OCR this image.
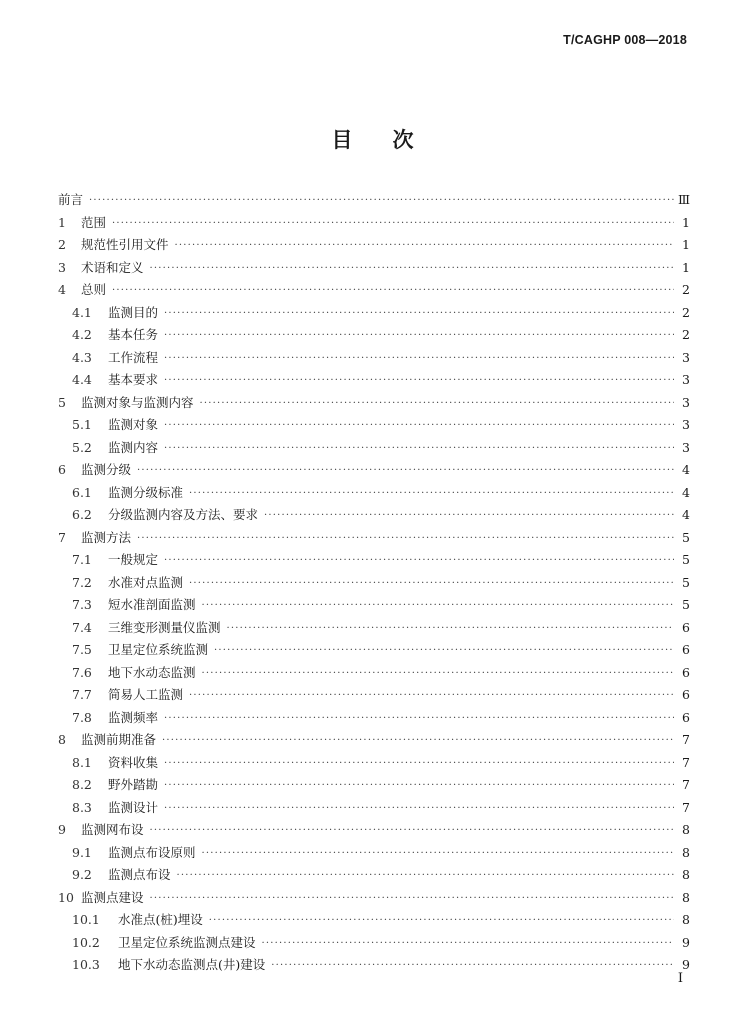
T/CAGHP 008—2018
目 次
前言 ·····	Ⅲ
1	范围 ·····	1
2	规范性引用文件 ·····	1
3	术语和定义 ·····	1
4	总则 ·····	2
4.1	监测目的 ·····	2
4.2	基本任务 ·····	2
4.3	工作流程 ·····	3
4.4	基本要求 ·····	3
5	监测对象与监测内容 ·····	3
5.1	监测对象 ·····	3
5.2	监测内容 ·····	3
6	监测分级 ·····	4
6.1	监测分级标准 ·····	4
6.2	分级监测内容及方法、要求 ·····	4
7	监测方法 ·····	5
7.1	一般规定 ·····	5
7.2	水准对点监测 ·····	5
7.3	短水准剖面监测 ·····	5
7.4	三维变形测量仪监测 ·····	6
7.5	卫星定位系统监测 ·····	6
7.6	地下水动态监测 ·····	6
7.7	简易人工监测 ·····	6
7.8	监测频率 ·····	6
8	监测前期准备 ·····	7
8.1	资料收集 ·····	7
8.2	野外踏勘 ·····	7
8.3	监测设计 ·····	7
9	监测网布设 ·····	8
9.1	监测点布设原则 ·····	8
9.2	监测点布设 ·····	8
10 监测点建设 ·····	8
10.1	水准点(桩)埋设 ·····	8
10.2	卫星定位系统监测点建设 ·····	9
10.3	地下水动态监测点(井)建设 ·····	9
I
